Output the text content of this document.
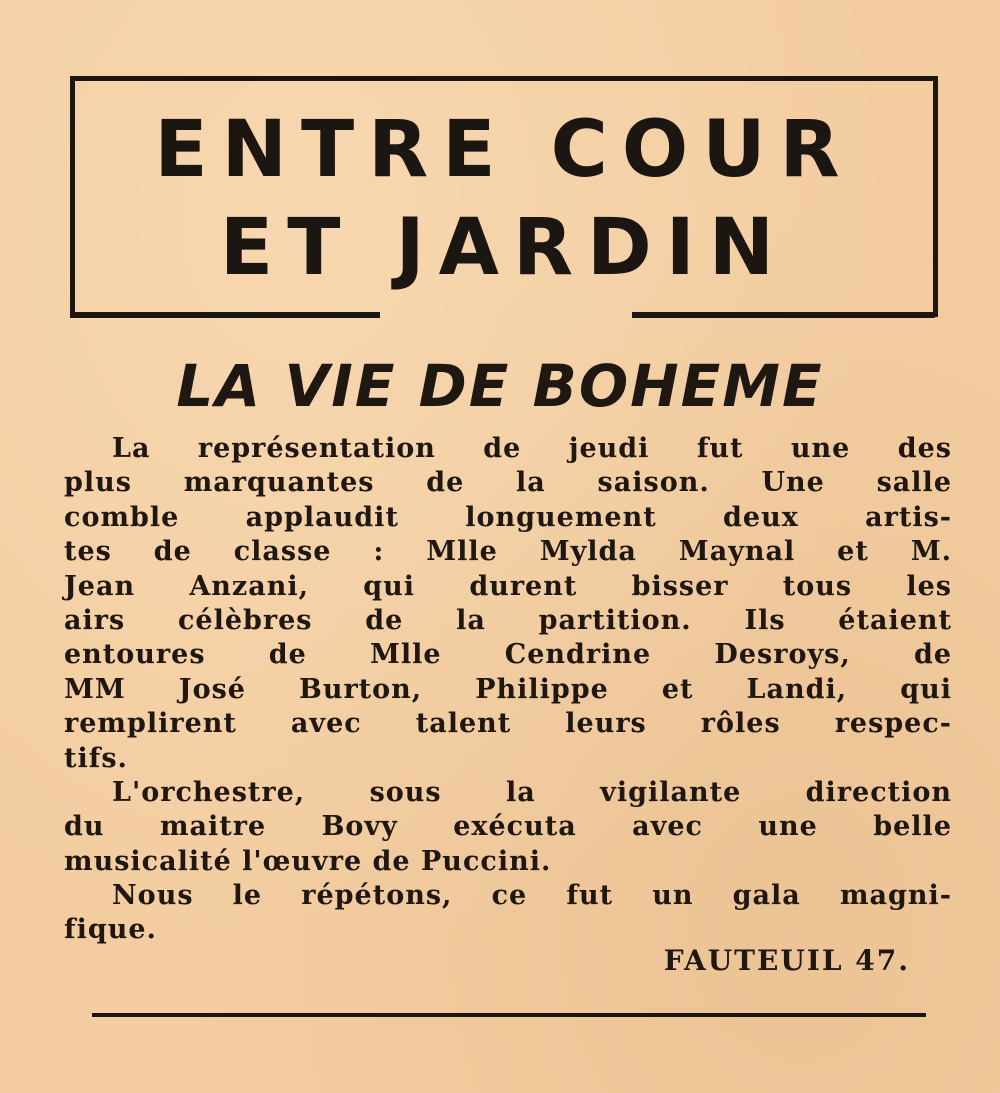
ENTRE COUR
ET JARDIN
LA VIE DE BOHEME
La représentation de jeudi fut une des
plus marquantes de la saison. Une salle
comble applaudit longuement deux artis-
tes de classe : Mlle Mylda Maynal et M.
Jean Anzani, qui durent bisser tous les
airs célèbres de la partition. Ils étaient
entoures de Mlle Cendrine Desroys, de
MM José Burton, Philippe et Landi, qui
remplirent avec talent leurs rôles respec-
tifs.
L'orchestre, sous la vigilante direction
du maitre Bovy exécuta avec une belle
musicalité l'œuvre de Puccini.
Nous le répétons, ce fut un gala magni-
fique.
FAUTEUIL 47.
